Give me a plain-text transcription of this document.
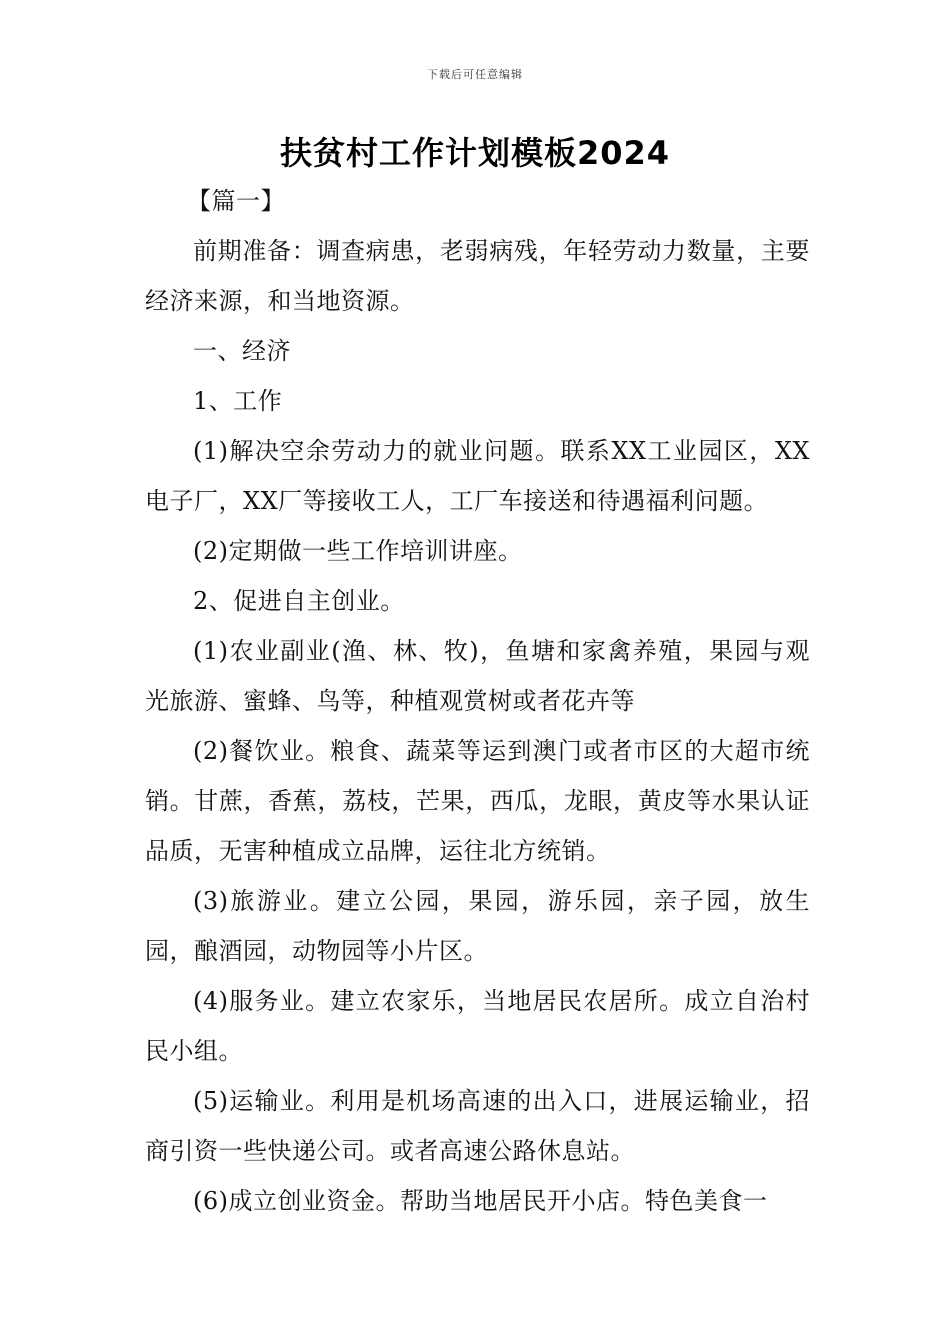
下载后可任意编辑
扶贫村工作计划模板2024

【篇一】

前期准备：调查病患，老弱病残，年轻劳动力数量，主要经济来源，和当地资源。

一、经济

1、工作

(1)解决空余劳动力的就业问题。联系XX工业园区，XX电子厂，XX厂等接收工人，工厂车接送和待遇福利问题。

(2)定期做一些工作培训讲座。

2、促进自主创业。

(1)农业副业(渔、林、牧)，鱼塘和家禽养殖，果园与观光旅游、蜜蜂、鸟等，种植观赏树或者花卉等

(2)餐饮业。粮食、蔬菜等运到澳门或者市区的大超市统销。甘蔗，香蕉，荔枝，芒果，西瓜，龙眼，黄皮等水果认证品质，无害种植成立品牌，运往北方统销。

(3)旅游业。建立公园，果园，游乐园，亲子园，放生园，酿酒园，动物园等小片区。

(4)服务业。建立农家乐，当地居民农居所。成立自治村民小组。

(5)运输业。利用是机场高速的出入口，进展运输业，招商引资一些快递公司。或者高速公路休息站。

(6)成立创业资金。帮助当地居民开小店。特色美食一
